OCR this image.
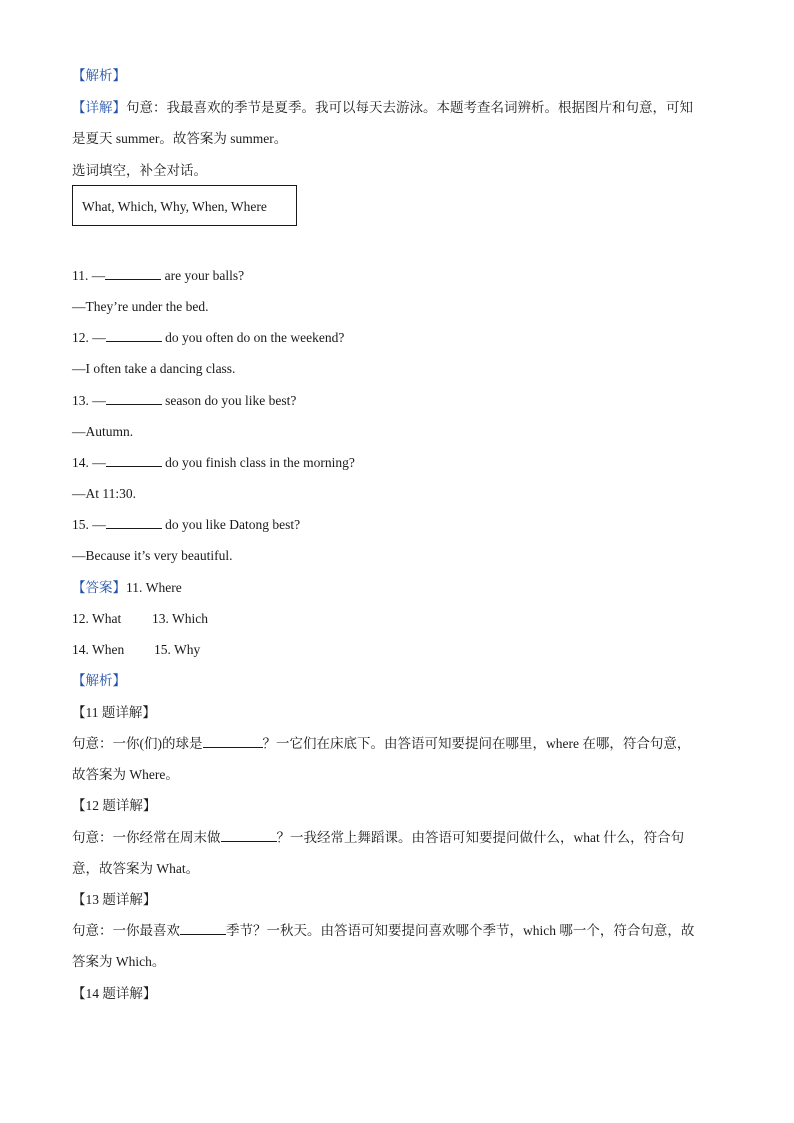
【解析】
【详解】句意：我最喜欢的季节是夏季。我可以每天去游泳。本题考查名词辨析。根据图片和句意，可知
是夏天 summer。故答案为 summer。
选词填空，补全对话。
What, Which, Why, When, Where
11. —	are your balls?
—They’re under the bed.
12. —	do you often do on the weekend?
—I often take a dancing class.
13. —	season do you like best?
—Autumn.
14. —	do you finish class in the morning?
—At 11:30.
15. —	do you like Datong best?
—Because it’s very beautiful.
【答案】11. Where
12. What 13. Which
14. When 15. Why
【解析】
【11 题详解】
句意：一你(们)的球是	？一它们在床底下。由答语可知要提问在哪里，where 在哪，符合句意，
故答案为 Where。
【12 题详解】
句意：一你经常在周末做	？一我经常上舞蹈课。由答语可知要提问做什么，what 什么，符合句
意，故答案为 What。
【13 题详解】
句意：一你最喜欢	季节？一秋天。由答语可知要提问喜欢哪个季节，which 哪一个，符合句意，故
答案为 Which。
【14 题详解】
